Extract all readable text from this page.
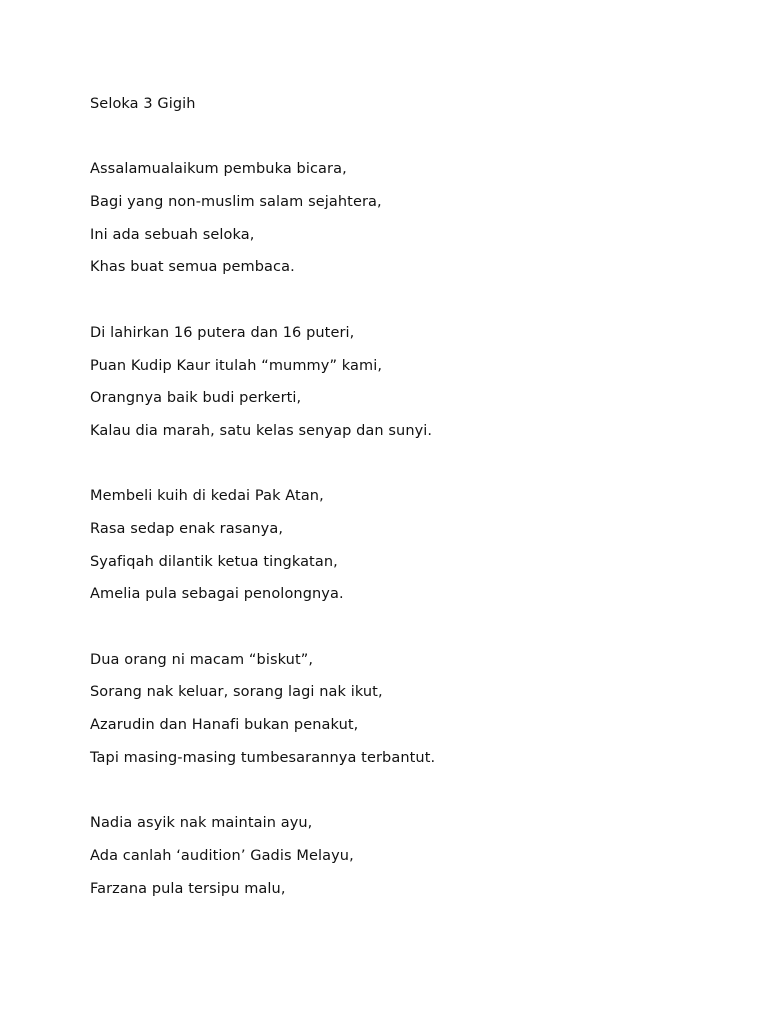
Seloka 3 Gigih
Assalamualaikum pembuka bicara,
Bagi yang non-muslim salam sejahtera,
Ini ada sebuah seloka,
Khas buat semua pembaca.
Di lahirkan 16 putera dan 16 puteri,
Puan Kudip Kaur itulah “mummy” kami,
Orangnya baik budi perkerti,
Kalau dia marah, satu kelas senyap dan sunyi.
Membeli kuih di kedai Pak Atan,
Rasa sedap enak rasanya,
Syafiqah dilantik ketua tingkatan,
Amelia pula sebagai penolongnya.
Dua orang ni macam “biskut”,
Sorang nak keluar, sorang lagi nak ikut,
Azarudin dan Hanafi bukan penakut,
Tapi masing-masing tumbesarannya terbantut.
Nadia asyik nak maintain ayu,
Ada canlah ‘audition’ Gadis Melayu,
Farzana pula tersipu malu,
